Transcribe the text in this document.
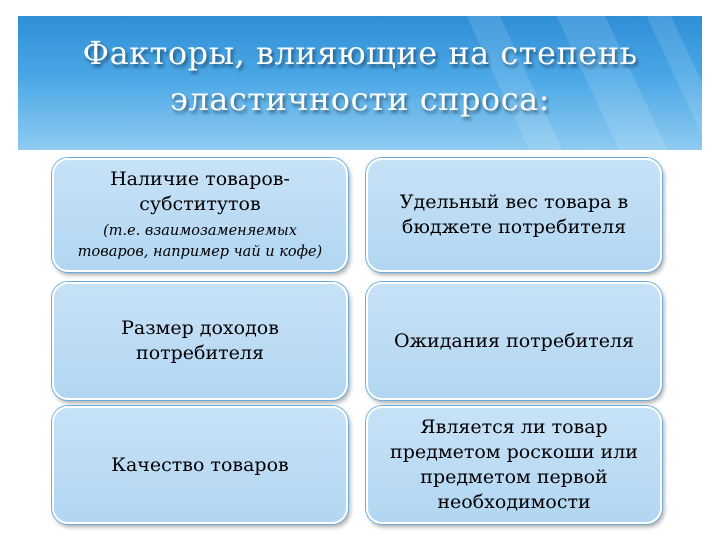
Факторы, влияющие на степень
эластичности спроса:
Наличие товаров-
субститутов
(т.е. взаимозаменяемых
товаров, например чай и кофе)
Удельный вес товара в
бюджете потребителя
Размер доходов
потребителя
Ожидания потребителя
Качество товаров
Является ли товар
предметом роскоши или
предметом первой
необходимости
